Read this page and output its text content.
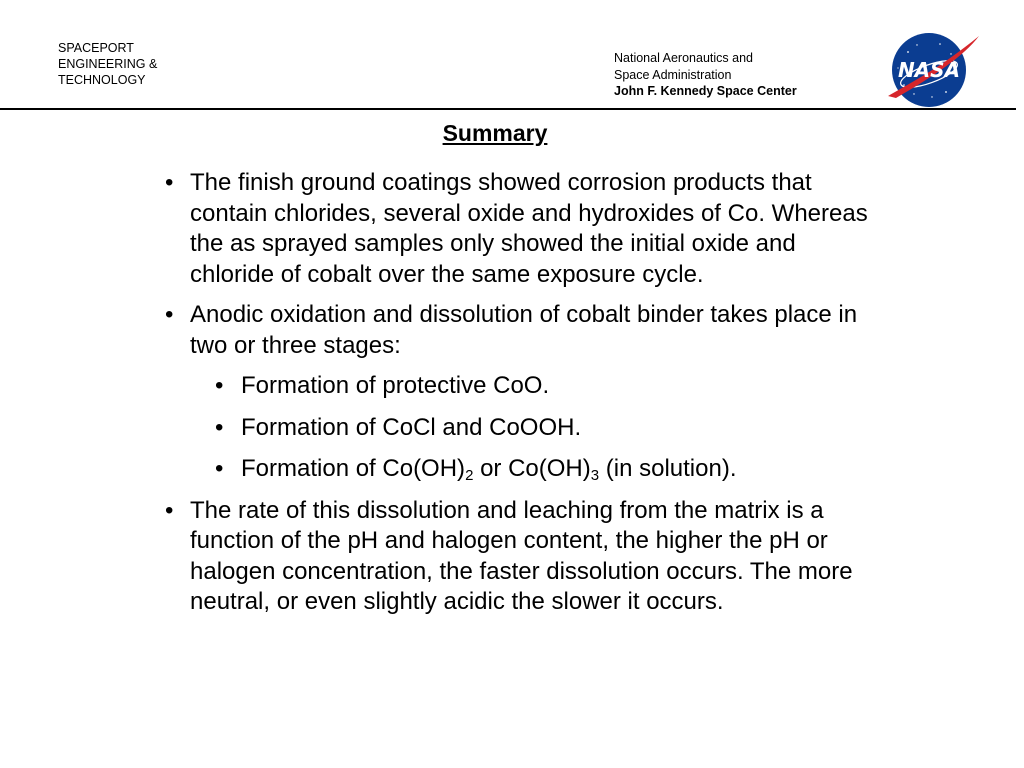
SPACEPORT
ENGINEERING &
TECHNOLOGY
National Aeronautics and
Space Administration
John F. Kennedy Space Center
NASA
Summary
• The finish ground coatings showed corrosion products that contain chlorides, several oxide and hydroxides of Co. Whereas the as sprayed samples only showed the initial oxide and chloride of cobalt over the same exposure cycle.
• Anodic oxidation and dissolution of cobalt binder takes place in two or three stages:
• Formation of protective CoO.
• Formation of CoCl and CoOOH.
• Formation of $Co(OH)_2$ or $Co(OH)_3$ (in solution).
• The rate of this dissolution and leaching from the matrix is a function of the pH and halogen content, the higher the pH or halogen concentration, the faster dissolution occurs. The more neutral, or even slightly acidic the slower it occurs.
